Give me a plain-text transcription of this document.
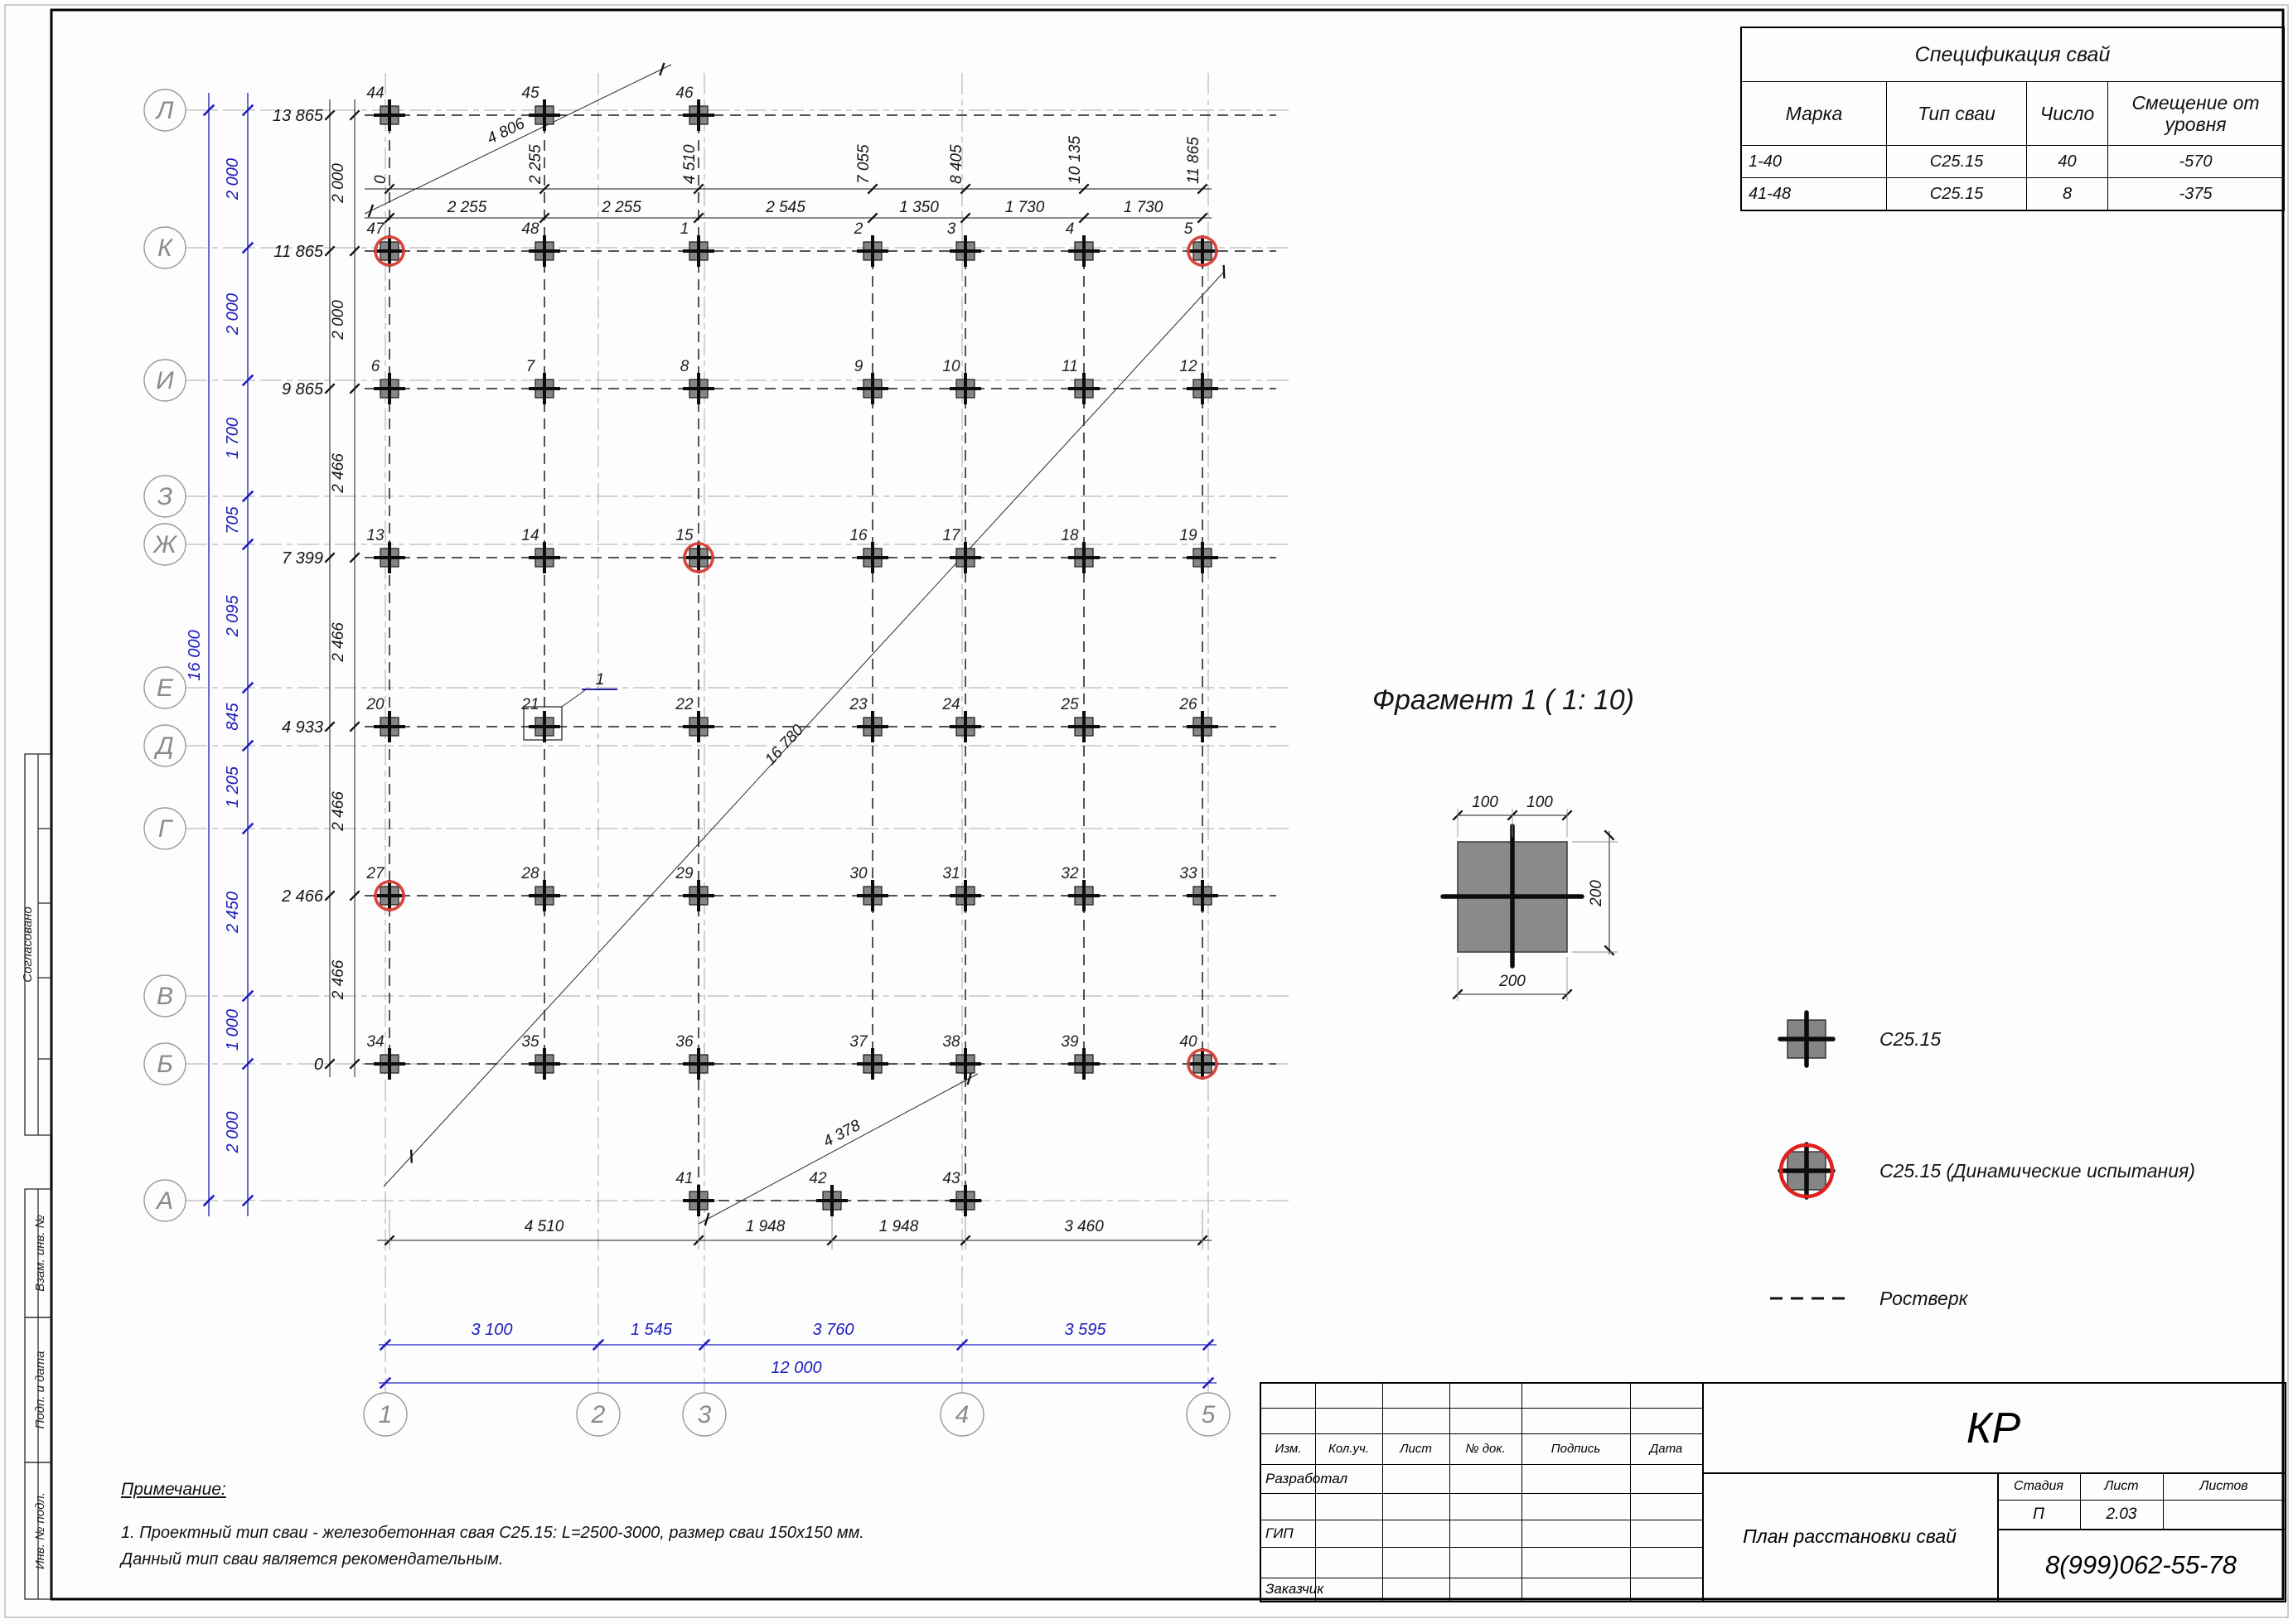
Согласовано
Взам. инв. №
Подп. и дата
Инв. № подл.
Л
К
И
З
Ж
Е
Д
Г
В
Б
А
1	2	3	4	5
16 000
2 000
2 000
1 700
705
2 095
845
1 205
2 450
1 000
2 000
13 865
11 865
9 865
7 399
4 933
2 466
0
2 000
2 000
2 466
2 466
2 466
2 466
0	2 255	4 510	7 055	8 405	10 135	11 865
2 255	2 255	2 545	1 350	1 730	1 730
4 510	1 948	1 948	3 460
3 100	1 545	3 760	3 595
12 000
4 806
16 780
4 378
1
44	45	46
47	48	1	2	3	4	5
6	7	8	9	10	11	12
13	14	15	16	17	18	19
20	21	22	23	24	25	26
27	28	29	30	31	32	33
34	35	36	37	38	39	40
41	42	43
Фрагмент 1 ( 1: 10)
100 100
200
200
С25.15
С25.15 (Динамические испытания)
Ростверк
Спецификация свай
Марка	Тип сваи	Число
Смещение от уровня
1-40	С25.15	40	-570
41-48	С25.15	8	-375
Изм.	Кол.уч.	Лист	№ док.	Подпись	Дата
Разработал
ГИП
Заказчик
КР
План расстановки свай
Стадия	Лист	Листов
П	2.03
8(999)062-55-78
Примечание:
1. Проектный тип сваи - железобетонная свая С25.15: L=2500-3000, размер сваи 150х150 мм.
Данный тип сваи является рекомендательным.
